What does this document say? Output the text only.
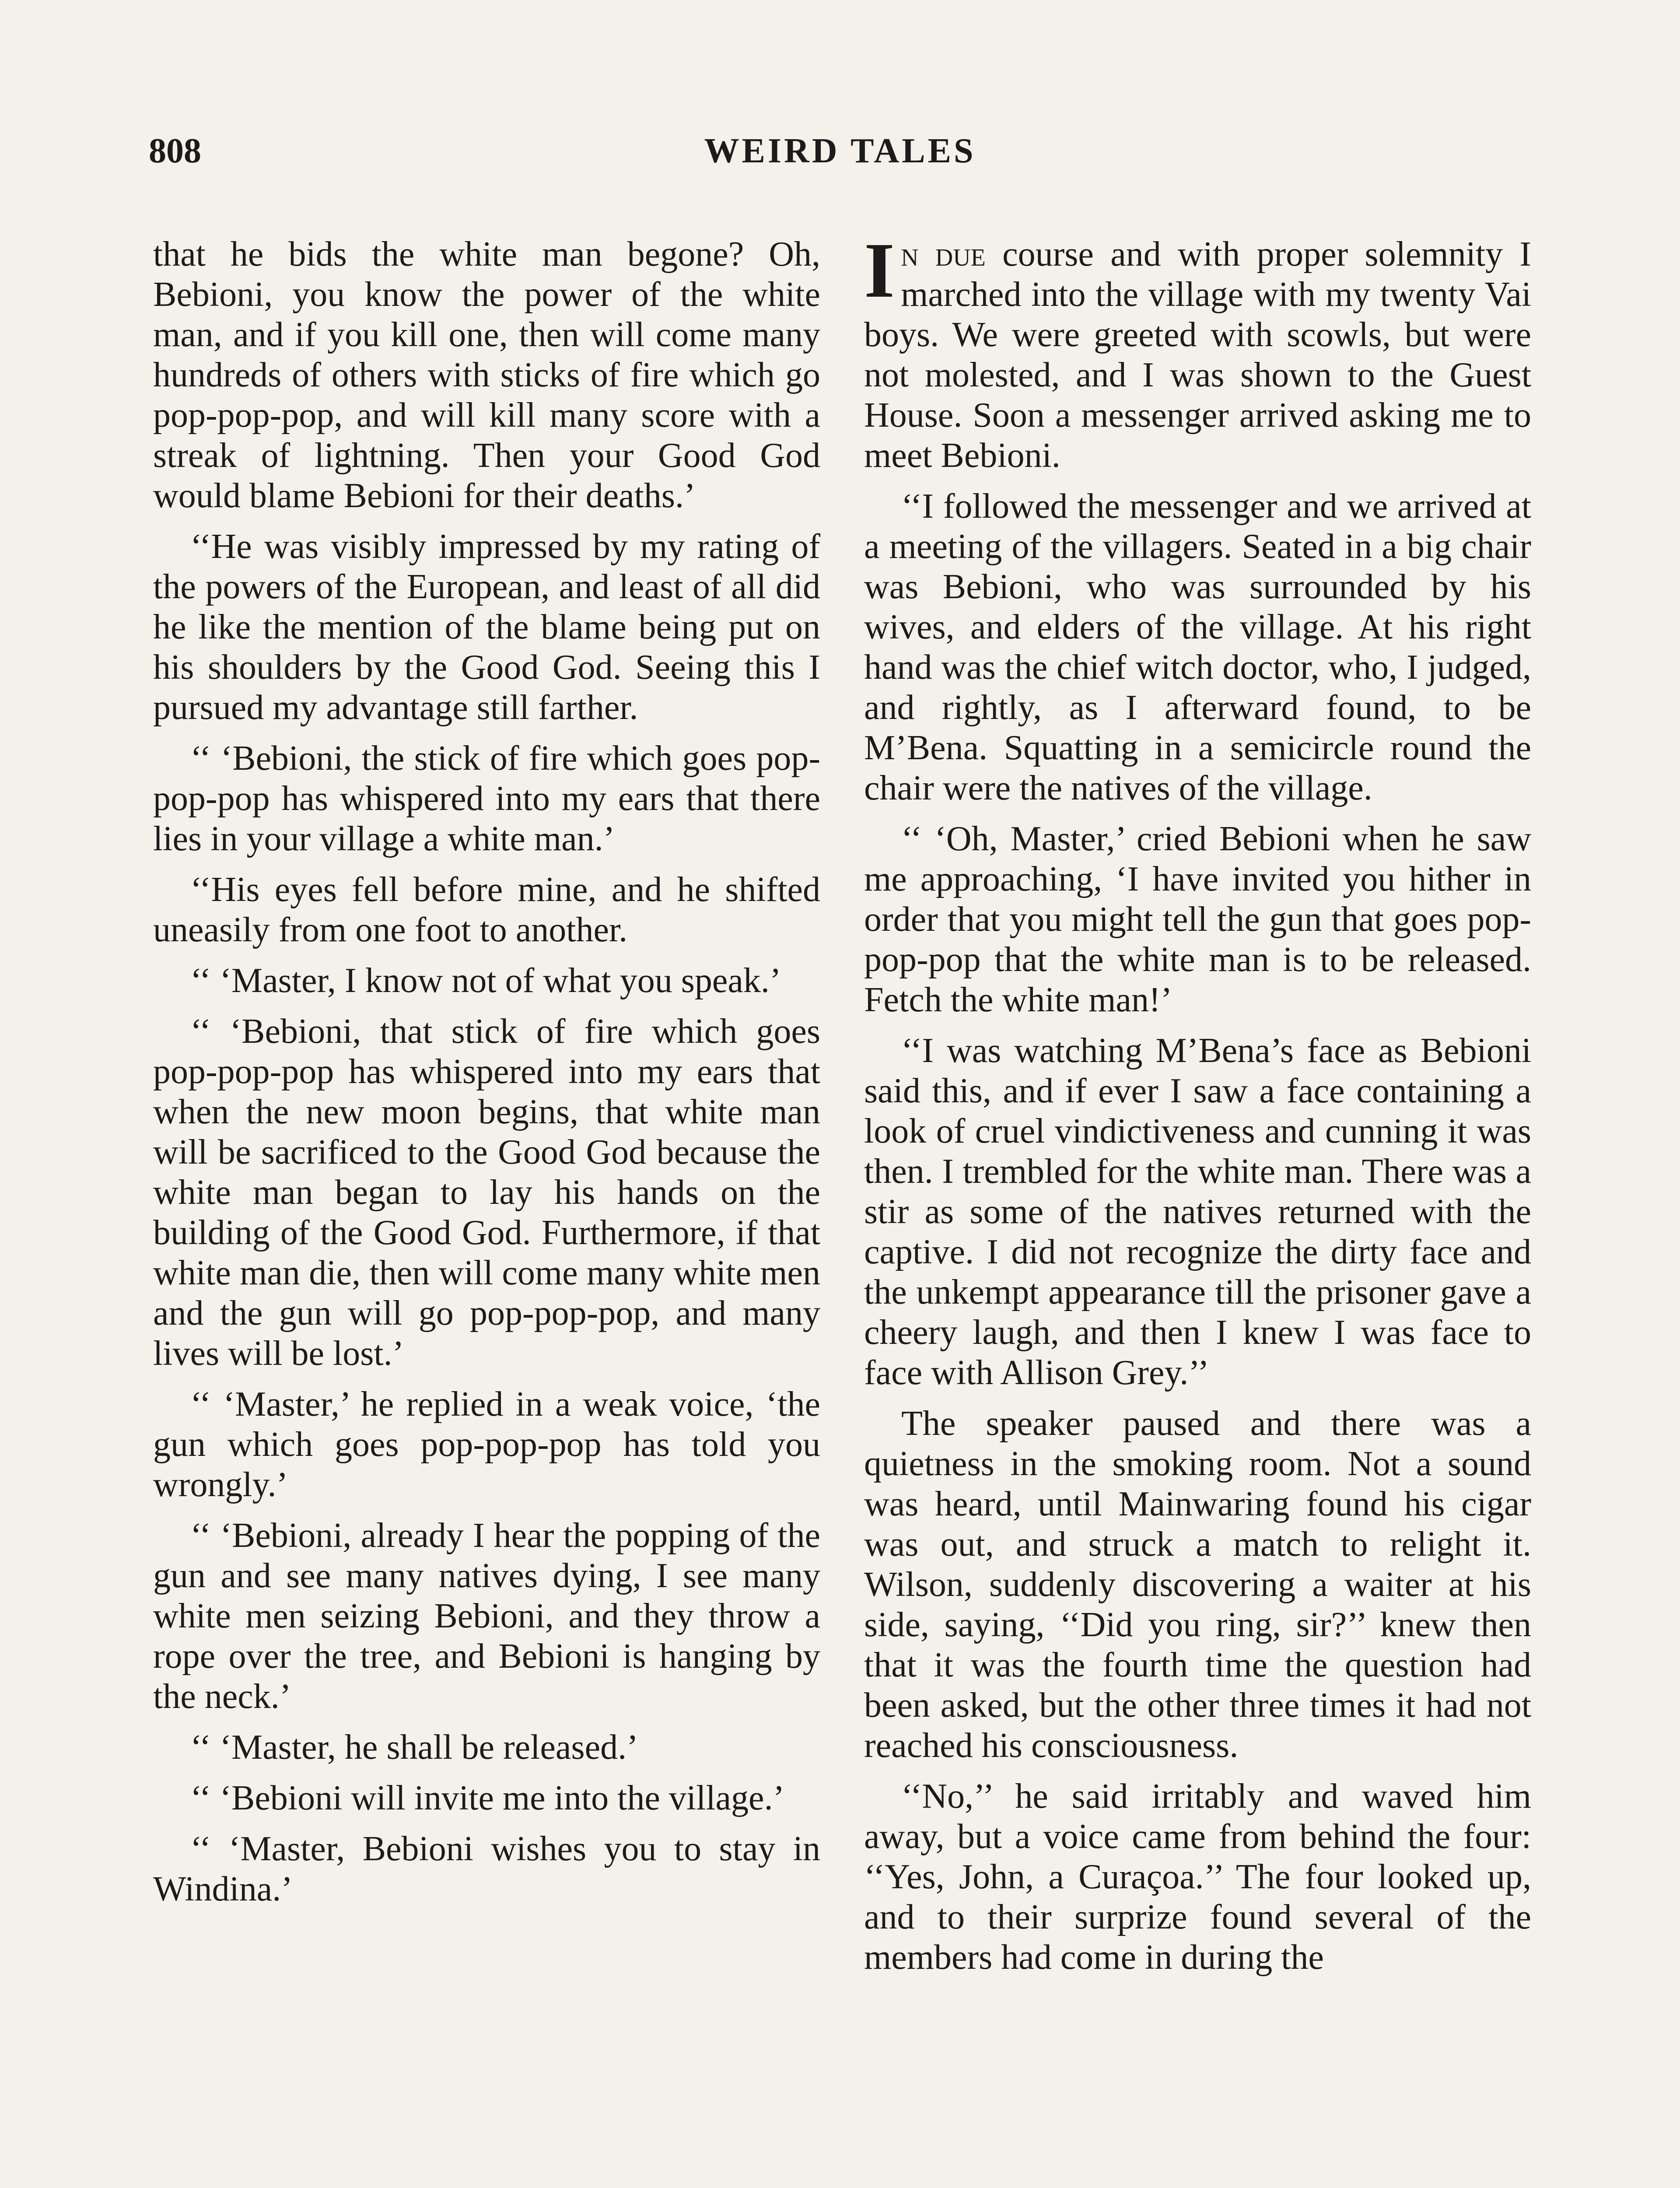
808	WEIRD TALES

that he bids the white man begone? Oh, Bebioni, you know the power of the white man, and if you kill one, then will come many hundreds of others with sticks of fire which go pop-pop-pop, and will kill many score with a streak of lightning. Then your Good God would blame Bebioni for their deaths.’

‘‘He was visibly impressed by my rating of the powers of the European, and least of all did he like the mention of the blame being put on his shoulders by the Good God. Seeing this I pursued my advantage still farther.

‘‘ ‘Bebioni, the stick of fire which goes pop-pop-pop has whispered into my ears that there lies in your village a white man.’

‘‘His eyes fell before mine, and he shifted uneasily from one foot to another.

‘‘ ‘Master, I know not of what you speak.’

‘‘ ‘Bebioni, that stick of fire which goes pop-pop-pop has whispered into my ears that when the new moon begins, that white man will be sacrificed to the Good God because the white man began to lay his hands on the building of the Good God. Furthermore, if that white man die, then will come many white men and the gun will go pop-pop-pop, and many lives will be lost.’

‘‘ ‘Master,’ he replied in a weak voice, ‘the gun which goes pop-pop-pop has told you wrongly.’

‘‘ ‘Bebioni, already I hear the popping of the gun and see many natives dying, I see many white men seizing Bebioni, and they throw a rope over the tree, and Bebioni is hanging by the neck.’

‘‘ ‘Master, he shall be released.’

‘‘ ‘Bebioni will invite me into the village.’

‘‘ ‘Master, Bebioni wishes you to stay in Windina.’

In due course and with proper solemnity I marched into the village with my twenty Vai boys. We were greeted with scowls, but were not molested, and I was shown to the Guest House. Soon a messenger arrived asking me to meet Bebioni.

‘‘I followed the messenger and we arrived at a meeting of the villagers. Seated in a big chair was Bebioni, who was surrounded by his wives, and elders of the village. At his right hand was the chief witch doctor, who, I judged, and rightly, as I afterward found, to be M’Bena. Squatting in a semicircle round the chair were the natives of the village.

‘‘ ‘Oh, Master,’ cried Bebioni when he saw me approaching, ‘I have invited you hither in order that you might tell the gun that goes pop-pop-pop that the white man is to be released. Fetch the white man!’

‘‘I was watching M’Bena’s face as Bebioni said this, and if ever I saw a face containing a look of cruel vindictiveness and cunning it was then. I trembled for the white man. There was a stir as some of the natives returned with the captive. I did not recognize the dirty face and the unkempt appearance till the prisoner gave a cheery laugh, and then I knew I was face to face with Allison Grey.’’

The speaker paused and there was a quietness in the smoking room. Not a sound was heard, until Mainwaring found his cigar was out, and struck a match to relight it. Wilson, suddenly discovering a waiter at his side, saying, ‘‘Did you ring, sir?’’ knew then that it was the fourth time the question had been asked, but the other three times it had not reached his consciousness.

‘‘No,’’ he said irritably and waved him away, but a voice came from behind the four: ‘‘Yes, John, a Curaçoa.’’ The four looked up, and to their surprize found several of the members had come in during the
